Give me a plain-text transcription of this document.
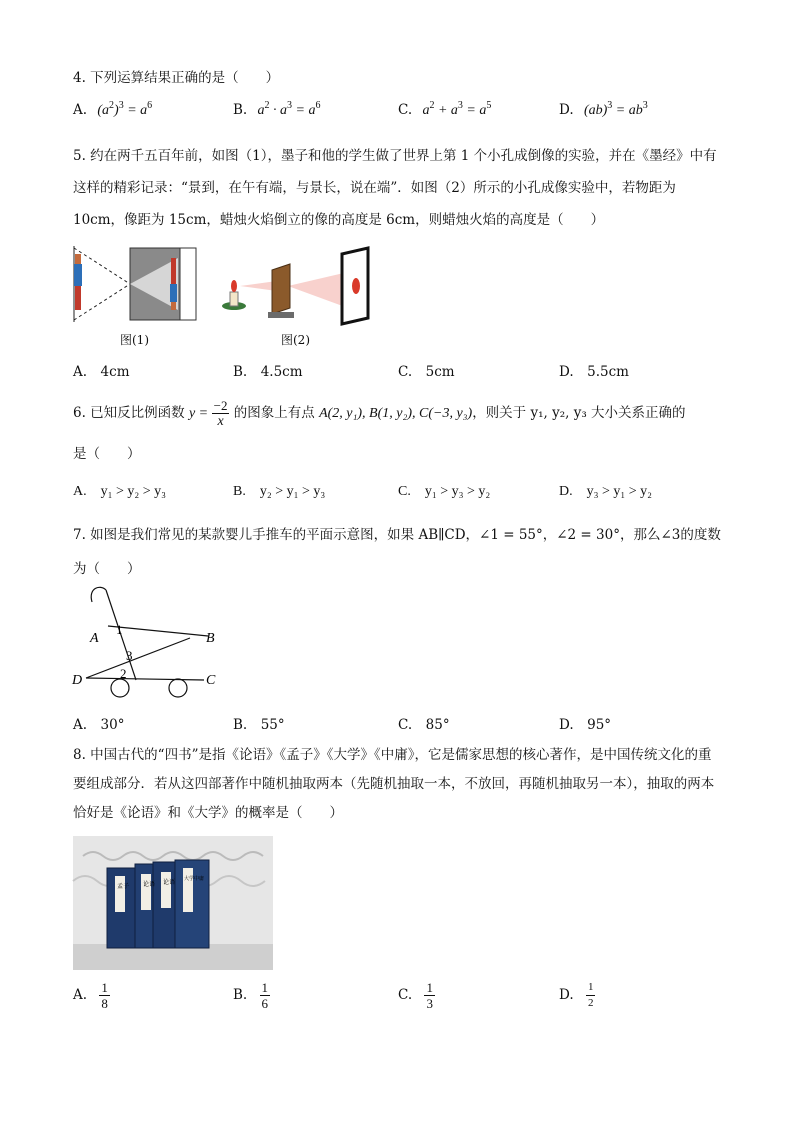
4. 下列运算结果正确的是（　　）
A. $(a^2)^3 = a^6$	B. $a^2 \cdot a^3 = a^6$	C. $a^2 + a^3 = a^5$	D. $(ab)^3 = ab^3$
5. 约在两千五百年前，如图（1），墨子和他的学生做了世界上第 1 个小孔成倒像的实验，并在《墨经》中有这样的精彩记录：“景到，在午有端，与景长，说在端”．如图（2）所示的小孔成像实验中，若物距为 10cm，像距为 15cm，蜡烛火焰倒立的像的高度是 6cm，则蜡烛火焰的高度是（　　）
图(1)	图(2)
A.　4cm	B.　4.5cm	C.　5cm	D.　5.5cm
6. 已知反比例函数 $y = \frac{-2}{x}$ 的图象上有点 A(2, y₁), B(1, y₂), C(−3, y₃)，则关于 y₁, y₂, y₃ 大小关系正确的
是（　　）
A.　y₁ > y₂ > y₃	B.　y₂ > y₁ > y₃	C.　y₁ > y₃ > y₂	D.　y₃ > y₁ > y₂
7. 如图是我们常见的某款婴儿手推车的平面示意图，如果 AB∥CD，∠1 = 55°，∠2 = 30°，那么∠3的度数为（　　）
A	B
D	C
1
2
3
A.　30°	B.　55°	C.　85°	D.　95°
8. 中国古代的“四书”是指《论语》《孟子》《大学》《中庸》，它是儒家思想的核心著作，是中国传统文化的重要组成部分．若从这四部著作中随机抽取两本（先随机抽取一本，不放回，再随机抽取另一本），抽取的两本恰好是《论语》和《大学》的概率是（　　）
孟子 论语 论语 大学中庸
A. $\frac{1}{8}$	B. $\frac{1}{6}$	C. $\frac{1}{3}$	D. $\frac{1}{2}$
